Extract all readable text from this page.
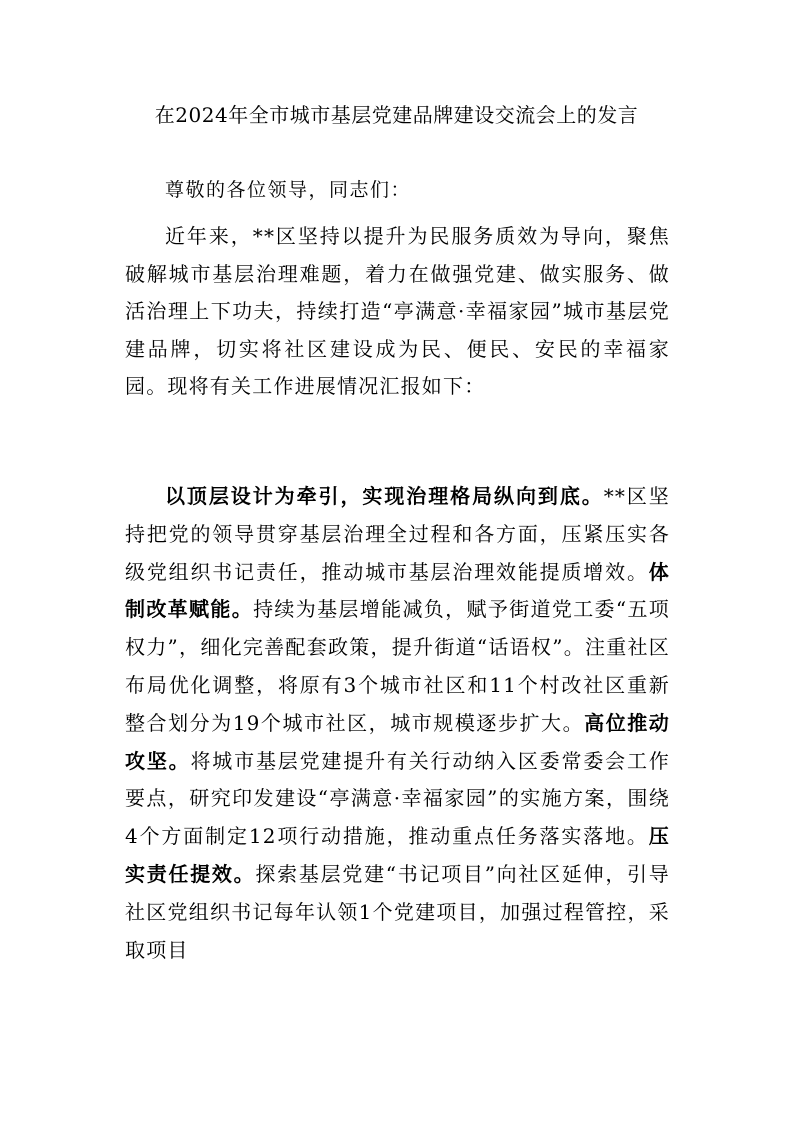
在2024年全市城市基层党建品牌建设交流会上的发言
尊敬的各位领导，同志们：

近年来，**区坚持以提升为民服务质效为导向，聚焦破解城市基层治理难题，着力在做强党建、做实服务、做活治理上下功夫，持续打造“亭满意·幸福家园”城市基层党建品牌，切实将社区建设成为民、便民、安民的幸福家园。现将有关工作进展情况汇报如下：

以顶层设计为牵引，实现治理格局纵向到底。**区坚持把党的领导贯穿基层治理全过程和各方面，压紧压实各级党组织书记责任，推动城市基层治理效能提质增效。体制改革赋能。持续为基层增能减负，赋予街道党工委“五项权力”，细化完善配套政策，提升街道“话语权”。注重社区布局优化调整，将原有3个城市社区和11个村改社区重新整合划分为19个城市社区，城市规模逐步扩大。高位推动攻坚。将城市基层党建提升有关行动纳入区委常委会工作要点，研究印发建设“亭满意·幸福家园”的实施方案，围绕4个方面制定12项行动措施，推动重点任务落实落地。压实责任提效。探索基层党建“书记项目”向社区延伸，引导社区党组织书记每年认领1个党建项目，加强过程管控，采取项目
